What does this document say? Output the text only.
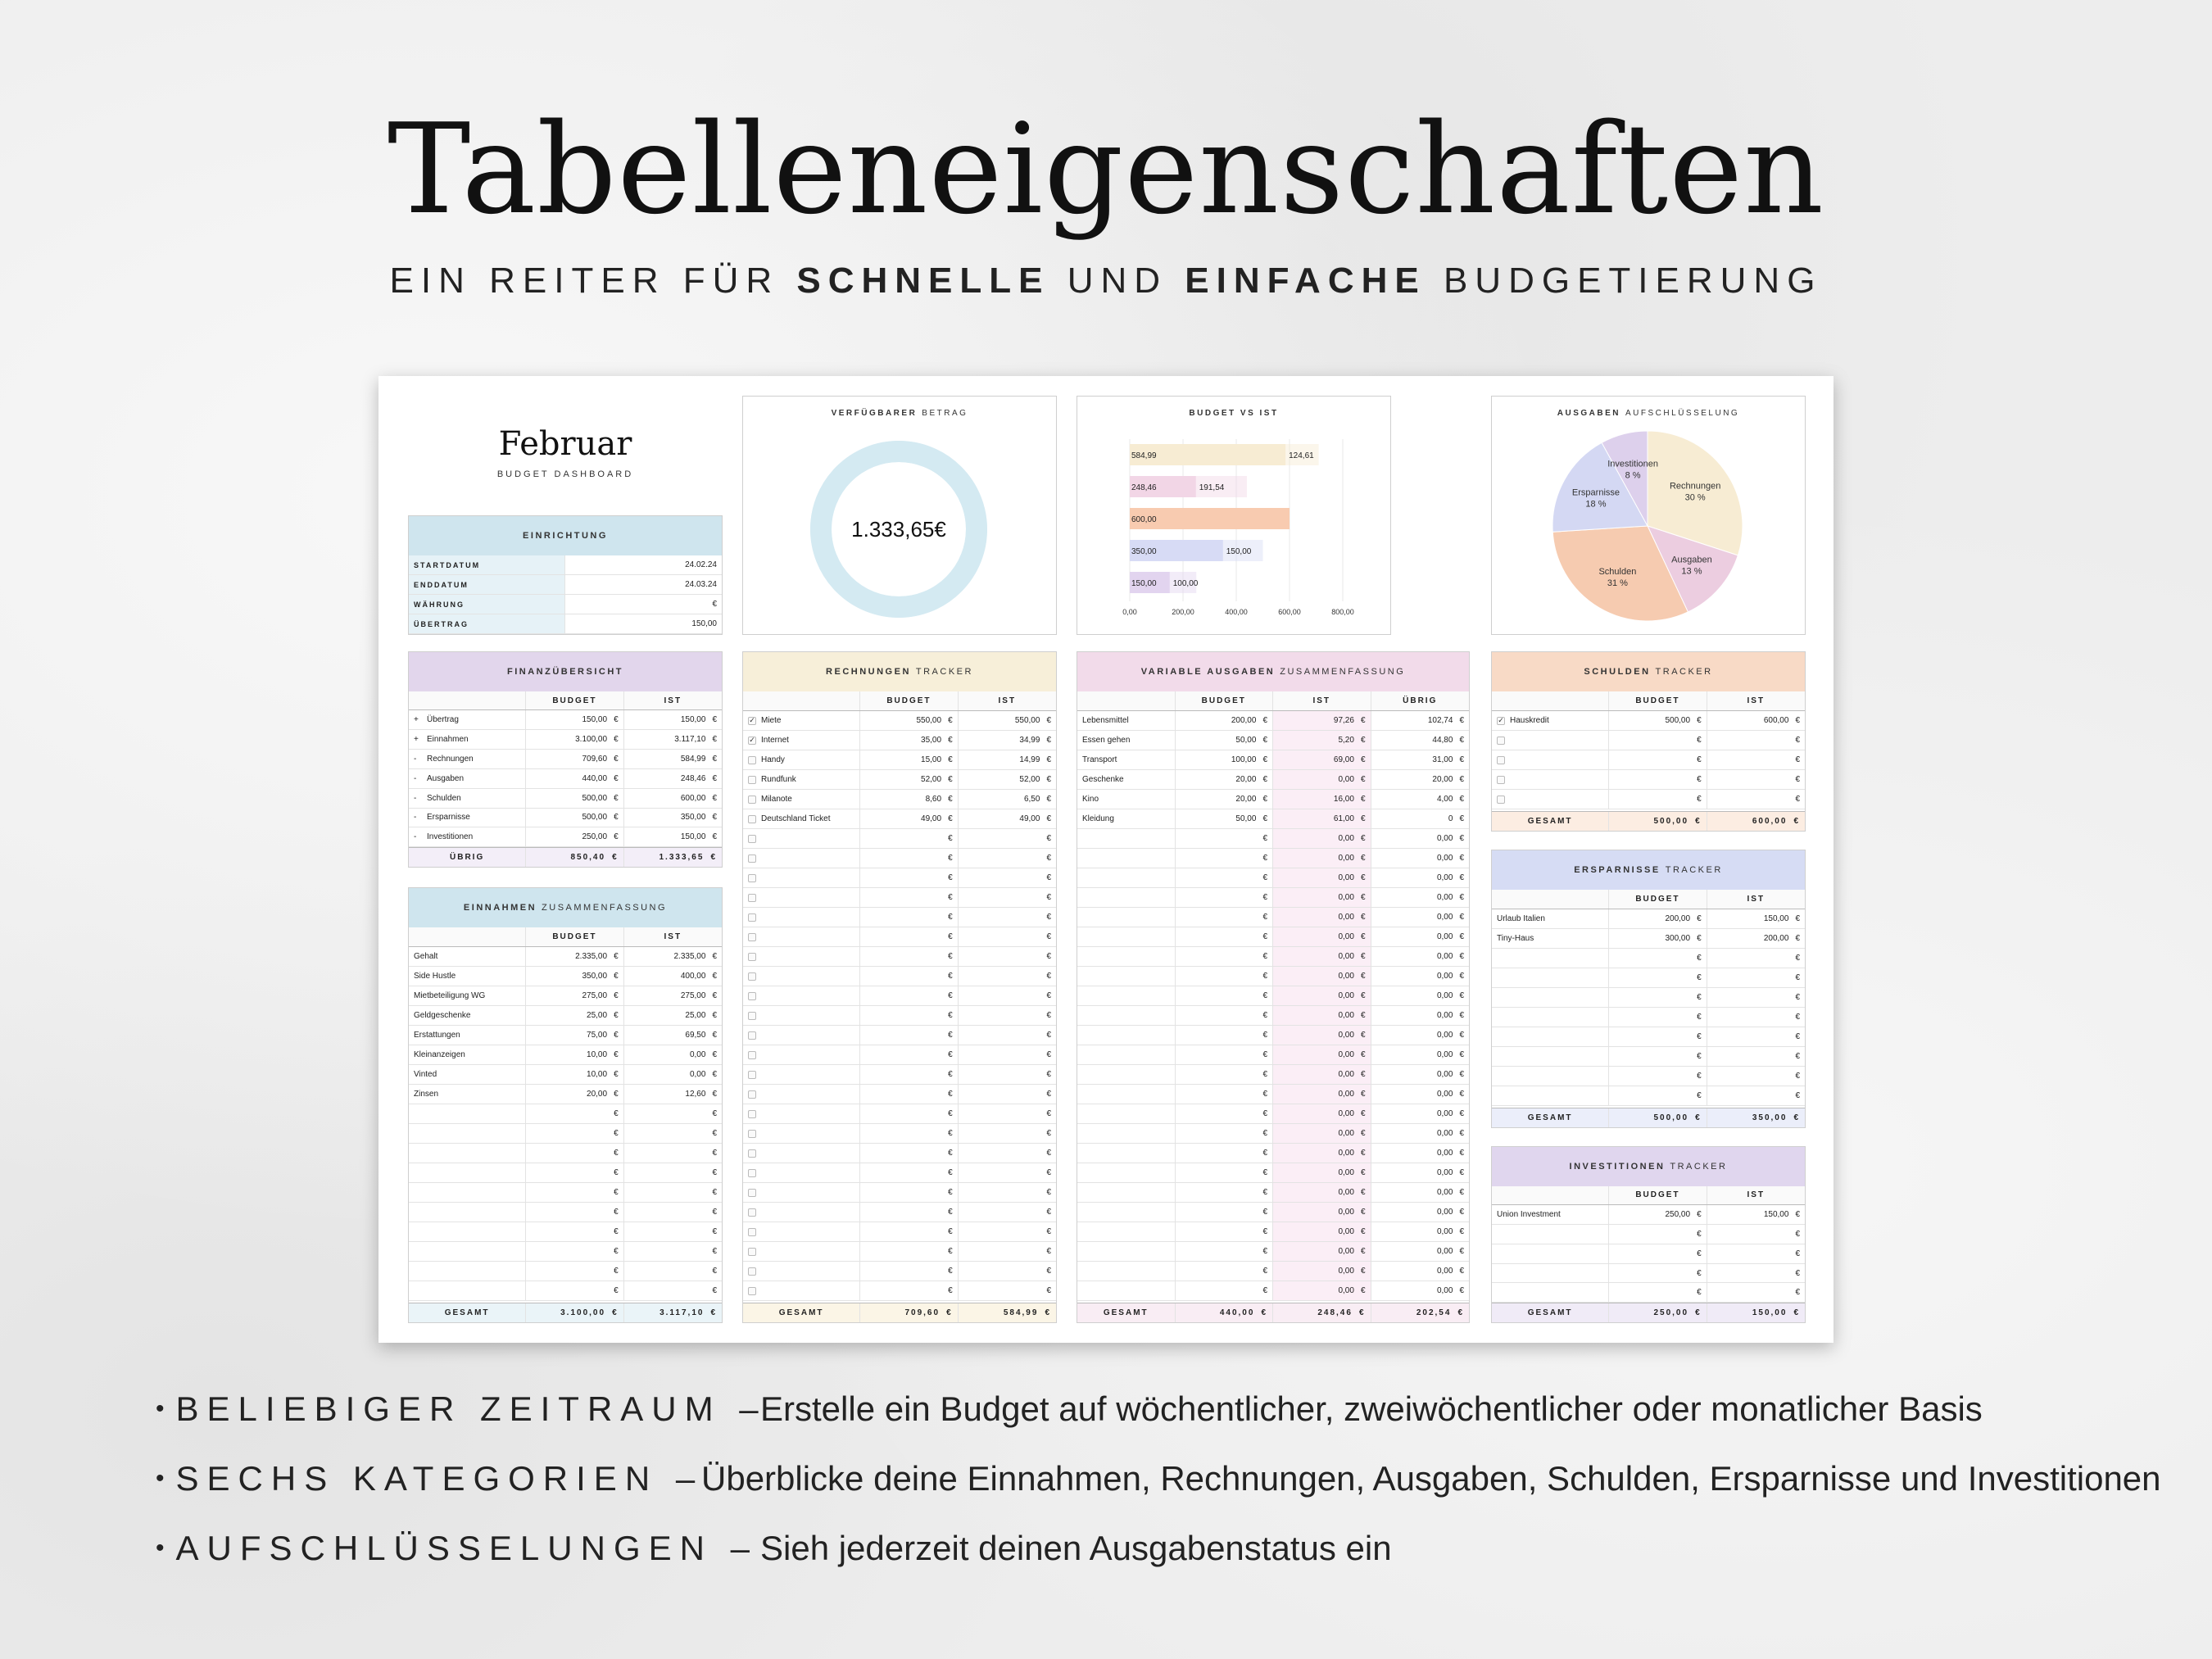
Tabelleneigenschaften
EIN REITER FÜR SCHNELLE UND EINFACHE BUDGETIERUNG
Februar
BUDGET DASHBOARD
EINRICHTUNG
STARTDATUM	24.02.24
ENDDATUM	24.03.24
WÄHRUNG	€
ÜBERTRAG	150,00
VERFÜGBARER BETRAG
1.333,65€
BUDGET VS IST
0,00	200,00	400,00	600,00	800,00
584,99	124,61
248,46	191,54
600,00
350,00	150,00
150,00 100,00
AUSGABEN AUFSCHLÜSSELUNG
Rechnungen
30 %
Ausgaben
13 %
Schulden
31 %
Ersparnisse
18 %
Investitionen
8 %
FINANZÜBERSICHT
BUDGET	IST
+	Übertrag	150,00 €	150,00 €
+	Einnahmen	3.100,00 €	3.117,10 €
-	Rechnungen	709,60 €	584,99 €
-	Ausgaben	440,00 €	248,46 €
-	Schulden	500,00 €	600,00 €
-	Ersparnisse	500,00 €	350,00 €
-	Investitionen	250,00 €	150,00 €
ÜBRIG	850,40 €	1.333,65 €
EINNAHMEN ZUSAMMENFASSUNG
BUDGET	IST
Gehalt	2.335,00 €	2.335,00 €
Side Hustle	350,00 €	400,00 €
Mietbeteiligung WG	275,00 €	275,00 €
Geldgeschenke	25,00 €	25,00 €
Erstattungen	75,00 €	69,50 €
Kleinanzeigen	10,00 €	0,00 €
Vinted	10,00 €	0,00 €
Zinsen	20,00 €	12,60 €
€	€
€	€
€	€
€	€
€	€
€	€
€	€
€	€
€	€
€	€
GESAMT	3.100,00 €	3.117,10 €
RECHNUNGEN TRACKER
BUDGET	IST
✓ Miete	550,00 €	550,00 €
✓ Internet	35,00 €	34,99 €
Handy	15,00 €	14,99 €
Rundfunk	52,00 €	52,00 €
Milanote	8,60 €	6,50 €
Deutschland Ticket	49,00 €	49,00 €
€	€
€	€
€	€
€	€
€	€
€	€
€	€
€	€
€	€
€	€
€	€
€	€
€	€
€	€
€	€
€	€
€	€
€	€
€	€
€	€
€	€
€	€
€	€
€	€
GESAMT	709,60 €	584,99 €
VARIABLE AUSGABEN ZUSAMMENFASSUNG
BUDGET	IST	ÜBRIG
Lebensmittel	200,00 €	97,26 €	102,74 €
Essen gehen	50,00 €	5,20 €	44,80 €
Transport	100,00 €	69,00 €	31,00 €
Geschenke	20,00 €	0,00 €	20,00 €
Kino	20,00 €	16,00 €	4,00 €
Kleidung	50,00 €	61,00 €	0 €
€	0,00 €	0,00 €
€	0,00 €	0,00 €
€	0,00 €	0,00 €
€	0,00 €	0,00 €
€	0,00 €	0,00 €
€	0,00 €	0,00 €
€	0,00 €	0,00 €
€	0,00 €	0,00 €
€	0,00 €	0,00 €
€	0,00 €	0,00 €
€	0,00 €	0,00 €
€	0,00 €	0,00 €
€	0,00 €	0,00 €
€	0,00 €	0,00 €
€	0,00 €	0,00 €
€	0,00 €	0,00 €
€	0,00 €	0,00 €
€	0,00 €	0,00 €
€	0,00 €	0,00 €
€	0,00 €	0,00 €
€	0,00 €	0,00 €
€	0,00 €	0,00 €
€	0,00 €	0,00 €
€	0,00 €	0,00 €
GESAMT	440,00 €	248,46 €	202,54 €
SCHULDEN TRACKER
BUDGET	IST
✓ Hauskredit	500,00 €	600,00 €
€	€
€	€
€	€
€	€
GESAMT	500,00 €	600,00 €
ERSPARNISSE TRACKER
BUDGET	IST
Urlaub Italien	200,00 €	150,00 €
Tiny-Haus	300,00 €	200,00 €
€	€
€	€
€	€
€	€
€	€
€	€
€	€
€	€
GESAMT	500,00 €	350,00 €
INVESTITIONEN TRACKER
BUDGET	IST
Union Investment	250,00 €	150,00 €
€	€
€	€
€	€
€	€
GESAMT	250,00 €	150,00 €
• BELIEBIGER ZEITRAUM –
Erstelle ein Budget auf wöchentlicher, zweiwöchentlicher oder monatlicher Basis
• SECHS KATEGORIEN –
Überblicke deine Einnahmen, Rechnungen, Ausgaben, Schulden, Ersparnisse und Investitionen
• AUFSCHLÜSSELUNGEN – Sieh jederzeit deinen Ausgabenstatus ein
